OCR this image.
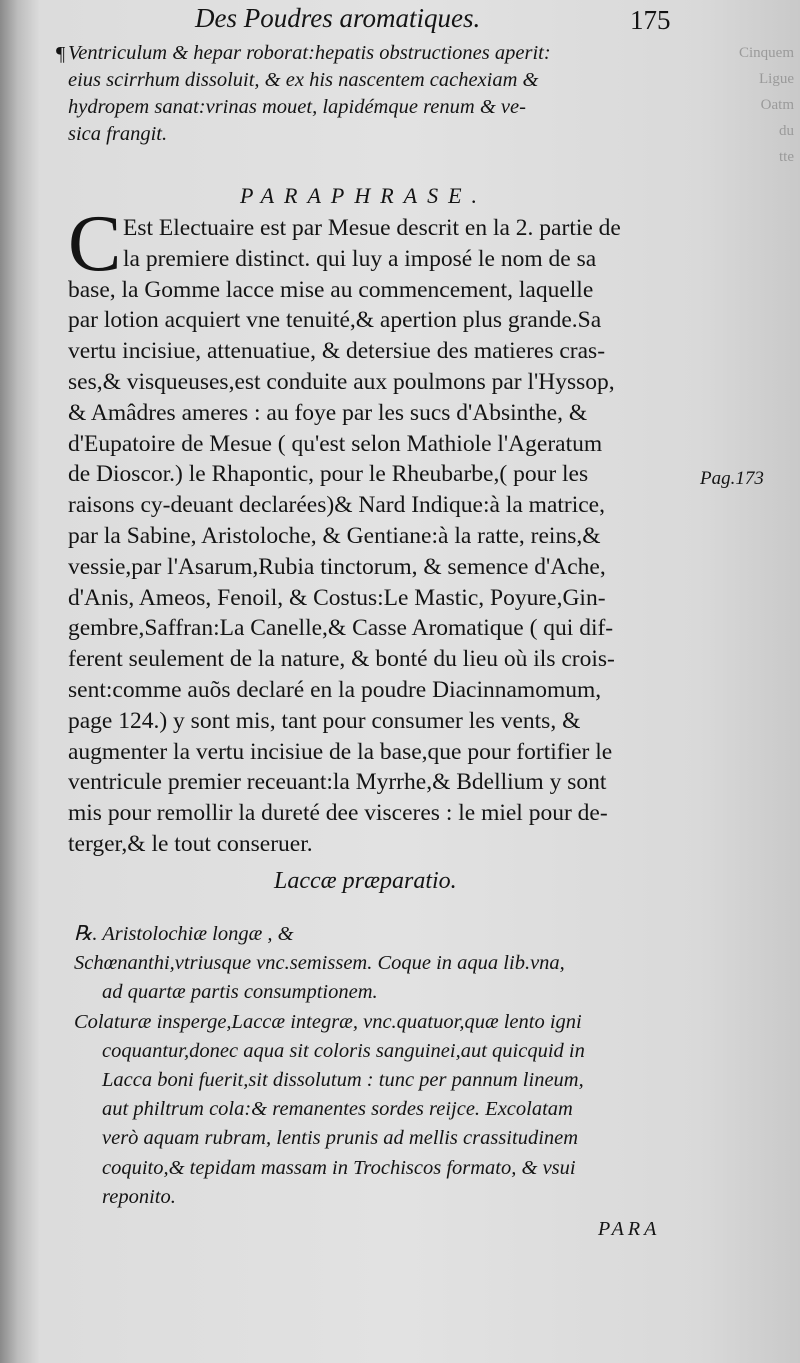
Cinquem
Ligue
Oatm
du
tte
Des Poudres aromatiques.	175
¶ Ventriculum & hepar roborat:hepatis obstructiones aperit:
eius scirrhum dissoluit, & ex his nascentem cachexiam &
hydropem sanat:vrinas mouet, lapidémque renum & ve-
sica frangit.
PARAPHRASE.
C Est Electuaire est par Mesue descrit en la 2. partie de
la premiere distinct. qui luy a imposé le nom de sa
base, la Gomme lacce mise au commencement, laquelle
par lotion acquiert vne tenuité,& apertion plus grande.Sa
vertu incisiue, attenuatiue, & detersiue des matieres cras-
ses,& visqueuses,est conduite aux poulmons par l'Hyssop,
& Amâdres ameres : au foye par les sucs d'Absinthe, &
d'Eupatoire de Mesue ( qu'est selon Mathiole l'Ageratum
de Dioscor.) le Rhapontic, pour le Rheubarbe,( pour les
raisons cy-deuant declarées)& Nard Indique:à la matrice,
par la Sabine, Aristoloche, & Gentiane:à la ratte, reins,&
vessie,par l'Asarum,Rubia tinctorum, & semence d'Ache,
d'Anis, Ameos, Fenoil, & Costus:Le Mastic, Poyure,Gin-
gembre,Saffran:La Canelle,& Casse Aromatique ( qui dif-
ferent seulement de la nature, & bonté du lieu où ils crois-
sent:comme auõs declaré en la poudre Diacinnamomum,
page 124.) y sont mis, tant pour consumer les vents, &
augmenter la vertu incisiue de la base,que pour fortifier le
ventricule premier receuant:la Myrrhe,& Bdellium y sont
mis pour remollir la dureté dee visceres : le miel pour de-
terger,& le tout conseruer.
Pag.173
Laccæ præparatio.
℞. Aristolochiæ longæ , &
Schœnanthi,vtriusque vnc.semissem. Coque in aqua lib.vna,
ad quartæ partis consumptionem.
Colaturæ insperge,Laccæ integræ, vnc.quatuor,quæ lento igni
coquantur,donec aqua sit coloris sanguinei,aut quicquid in
Lacca boni fuerit,sit dissolutum : tunc per pannum lineum,
aut philtrum cola:& remanentes sordes reijce. Excolatam
verò aquam rubram, lentis prunis ad mellis crassitudinem
coquito,& tepidam massam in Trochiscos formato, & vsui
reponito.
PARA
